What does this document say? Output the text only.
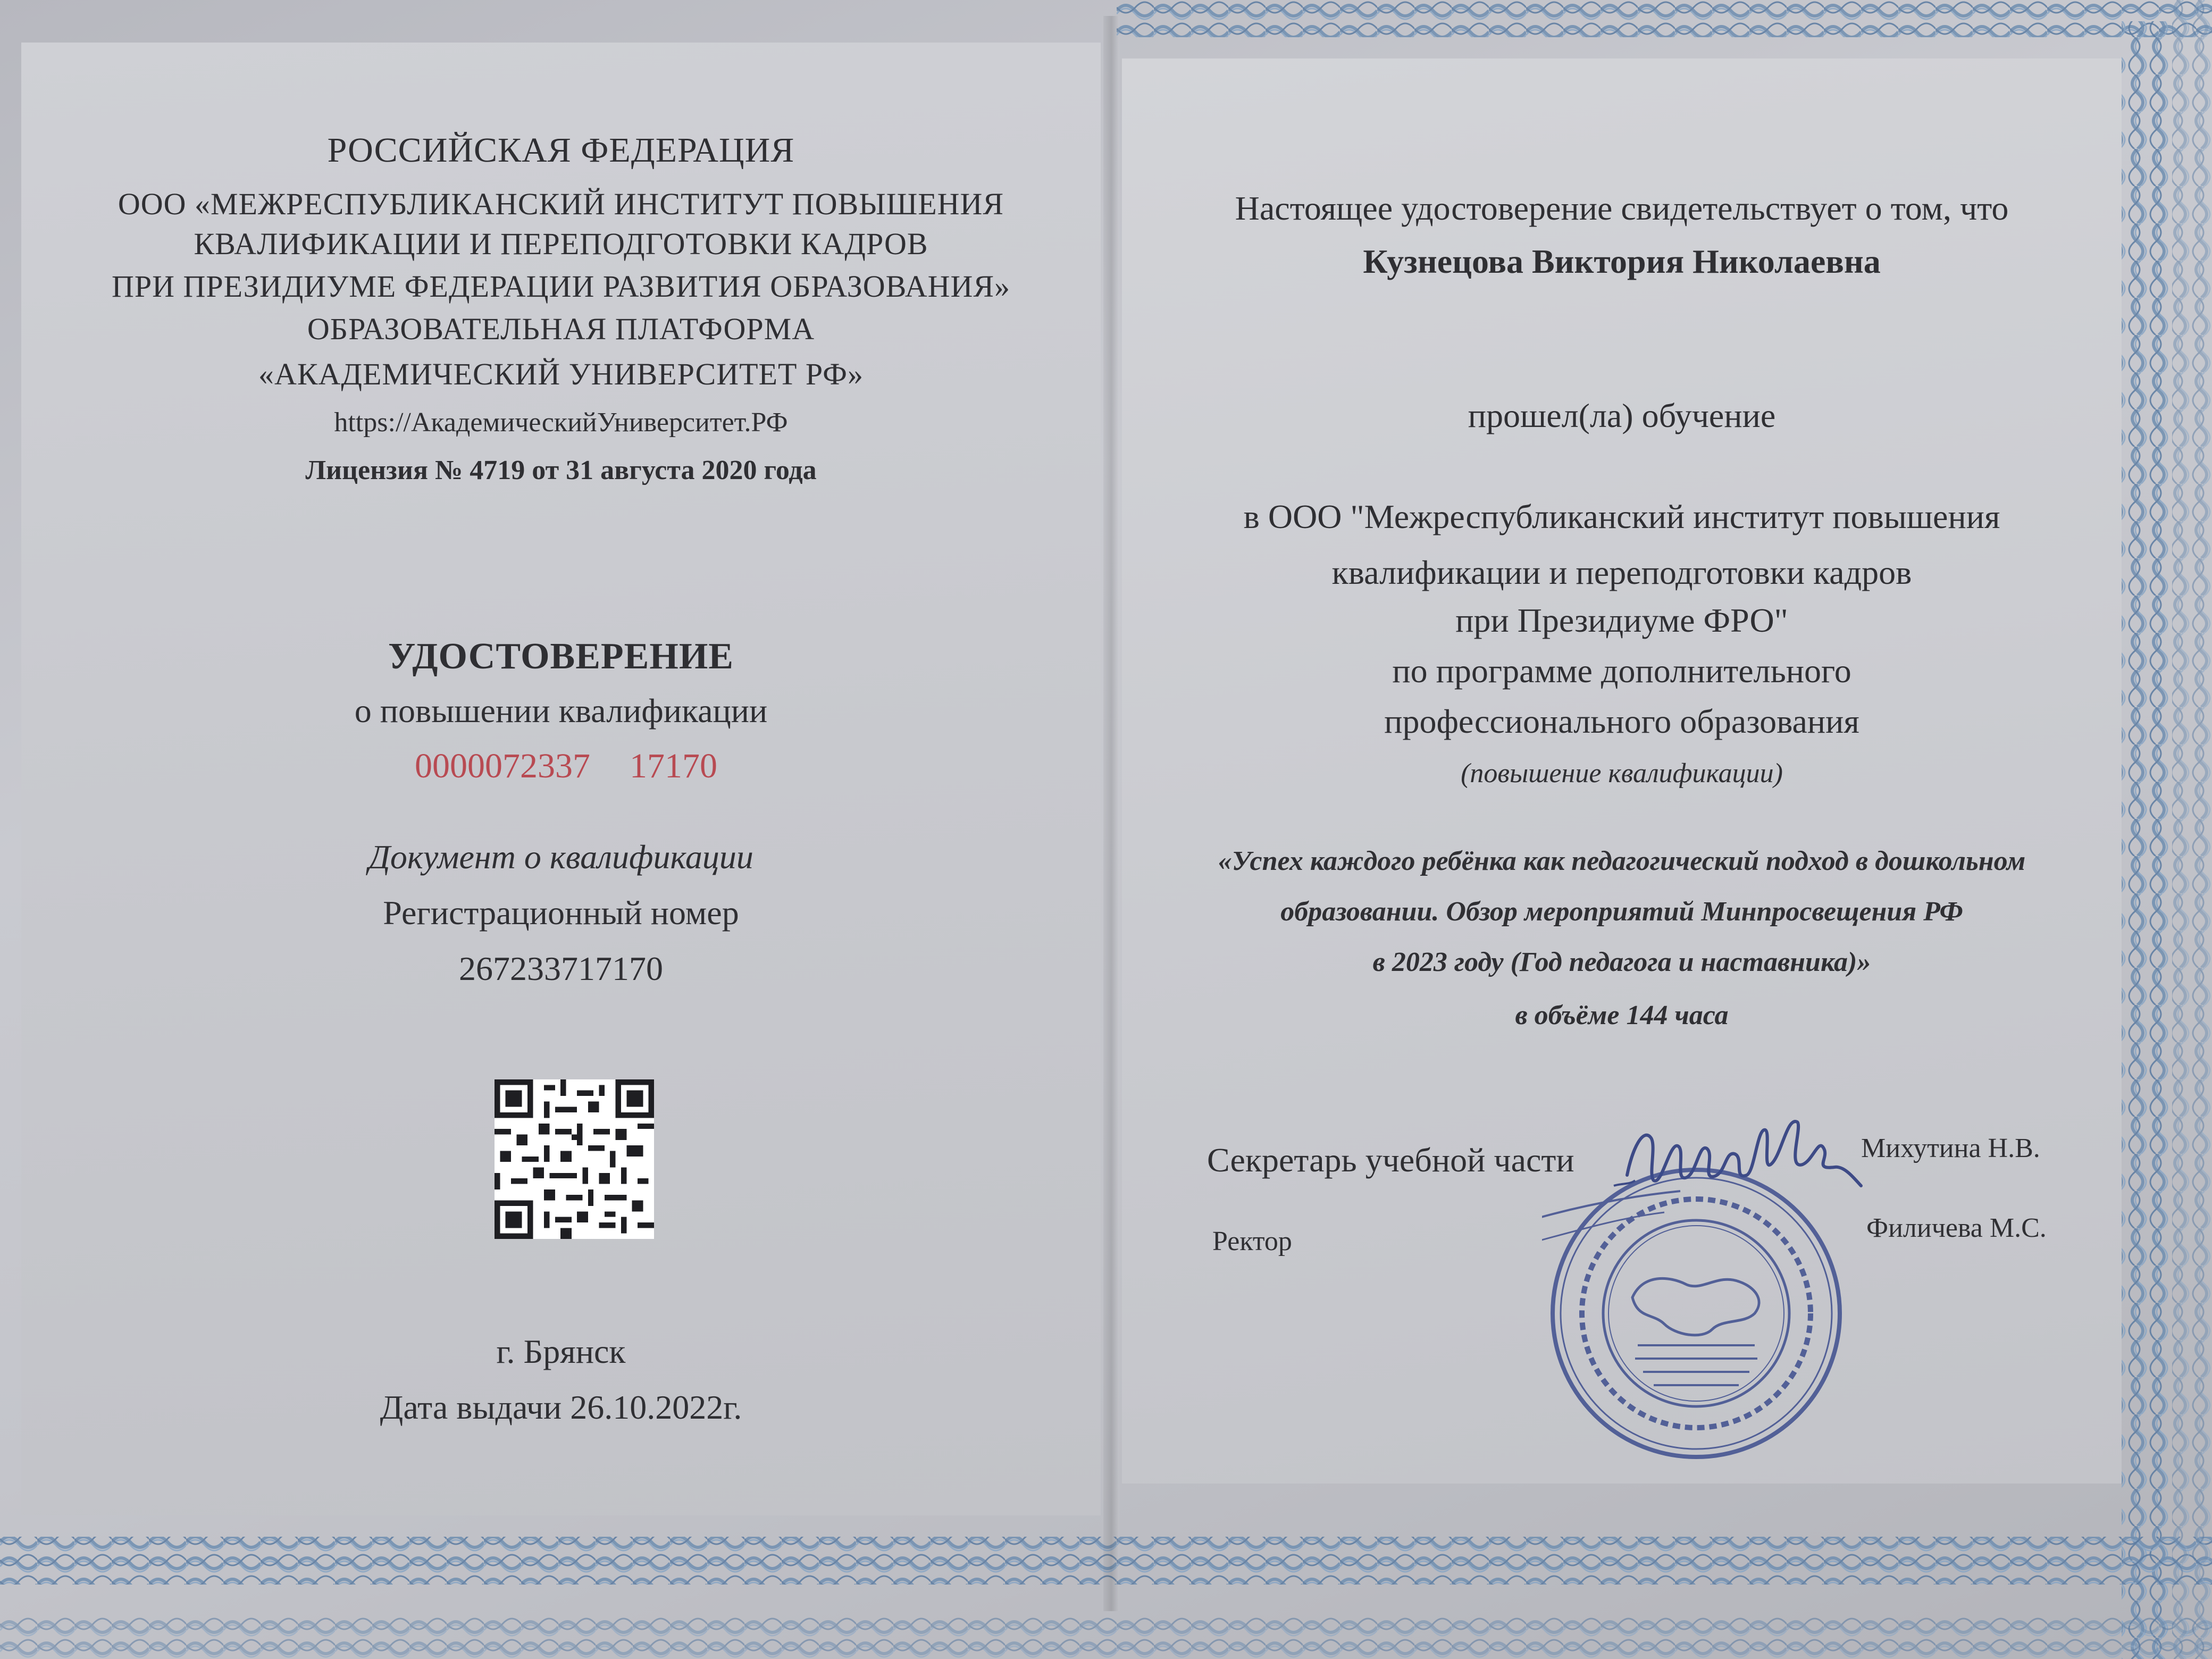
РОССИЙСКАЯ ФЕДЕРАЦИЯ
ООО «МЕЖРЕСПУБЛИКАНСКИЙ ИНСТИТУТ ПОВЫШЕНИЯ
КВАЛИФИКАЦИИ И ПЕРЕПОДГОТОВКИ КАДРОВ
ПРИ ПРЕЗИДИУМЕ ФЕДЕРАЦИИ РАЗВИТИЯ ОБРАЗОВАНИЯ»
ОБРАЗОВАТЕЛЬНАЯ ПЛАТФОРМА
«АКАДЕМИЧЕСКИЙ УНИВЕРСИТЕТ РФ»
https://АкадемическийУниверситет.РФ
Лицензия № 4719 от 31 августа 2020 года
УДОСТОВЕРЕНИЕ
о повышении квалификации
0000072337 17170
Документ о квалификации
Регистрационный номер
267233717170
г. Брянск
Дата выдачи 26.10.2022г.
Настоящее удостоверение свидетельствует о том, что
Кузнецова Виктория Николаевна
прошел(ла) обучение
в ООО "Межреспубликанский институт повышения
квалификации и переподготовки кадров
при Президиуме ФРО"
по программе дополнительного
профессионального образования
(повышение квалификации)
«Успех каждого ребёнка как педагогический подход в дошкольном
образовании. Обзор мероприятий Минпросвещения РФ
в 2023 году (Год педагога и наставника)»
в объёме 144 часа
Секретарь учебной части	Михутина Н.В.
Ректор	Филичева М.С.
